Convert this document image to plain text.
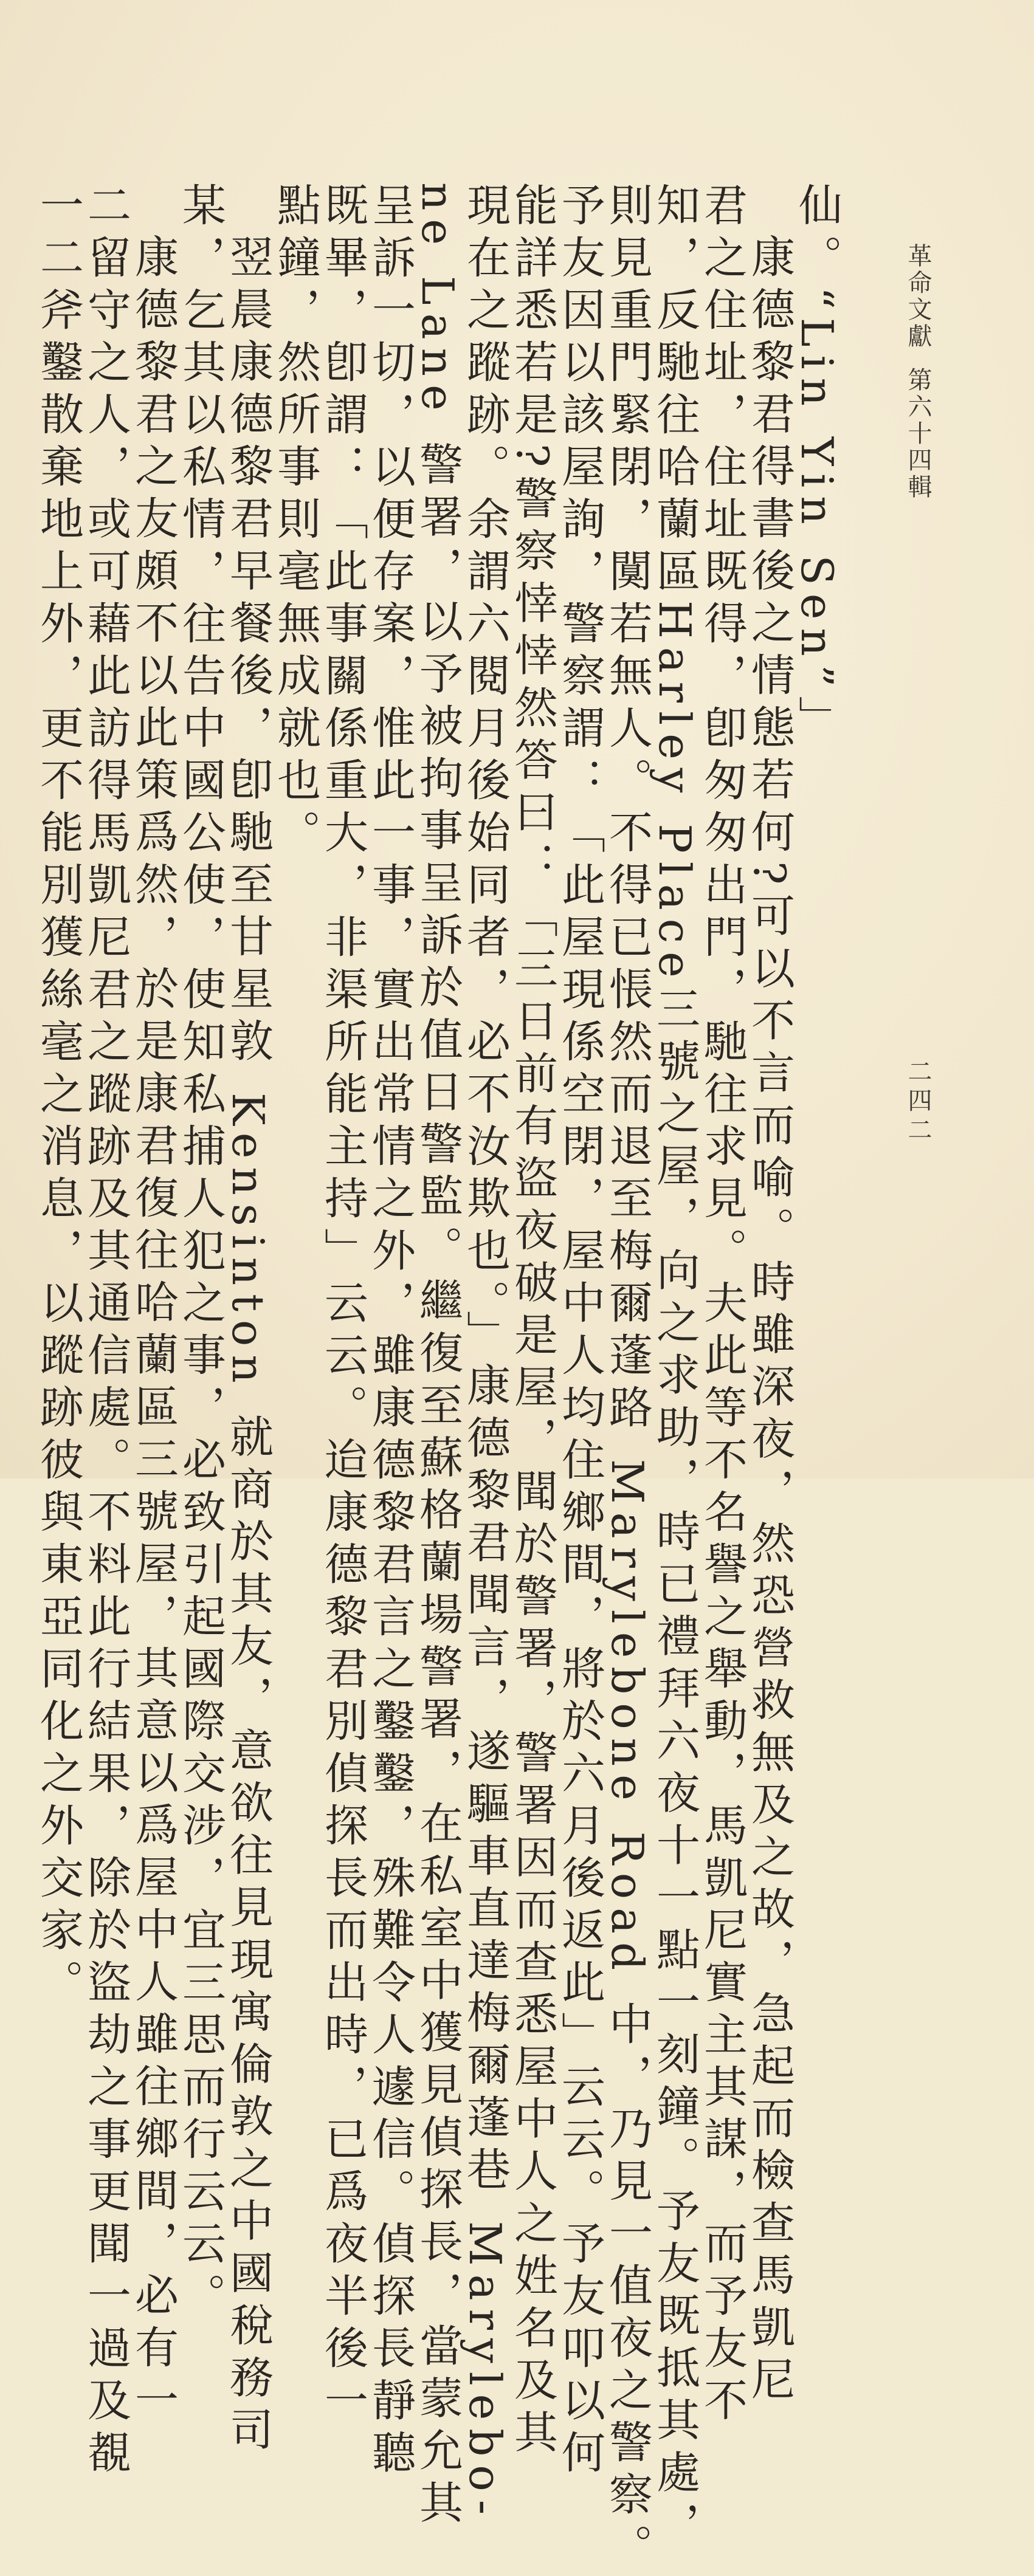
革命文獻第六十四輯
二四二
仙。“Lin Yin Sen”」
康德黎君得書後之情態若何?可以不言而喻。時雖深夜，然恐營救無及之故，急起而檢查馬凱尼
君之住址，住址既得，卽匆匆出門，馳往求見。夫此等不名譽之舉動，馬凱尼實主其謀，而予友不
知，反馳往哈蘭區Harley Place三號之屋，向之求助，時已禮拜六夜十一點一刻鐘。予友既抵其處，
則見重門緊閉，闃若無人。不得已悵然而退至梅爾蓬路 Marylebone Road 中，乃見一值夜之警察。
予友因以該屋詢，警察謂：「此屋現係空閉，屋中人均住鄉間，將於六月後返此」云云。予友叩以何
能詳悉若是?警察悻悻然答曰：「三日前有盜夜破是屋，聞於警署，警署因而查悉屋中人之姓名及其
現在之蹤跡。余謂六閱月後始同者，必不汝欺也。」康德黎君聞言，遂驅車直達梅爾蓬巷 Marylebo-
ne Lane 警署，以予被拘事呈訴於值日警監。繼復至蘇格蘭場警署，在私室中獲見偵探長，當蒙允其
呈訴一切，以便存案，惟此一事，實出常情之外，雖康德黎君言之鑿鑿，殊難令人遽信。偵探長靜聽
既畢，卽謂：「此事關係重大，非渠所能主持」云云。迨康德黎君別偵探長而出時，已爲夜半後一
點鐘，然所事則毫無成就也。
翌晨康德黎君早餐後，卽馳至甘星敦 Kensinton 就商於其友，意欲往見現寓倫敦之中國稅務司
某，乞其以私情，往告中國公使，使知私捕人犯之事，必致引起國際交涉，宜三思而行云云。
康德黎君之友頗不以此策爲然，於是康君復往哈蘭區三號屋，其意以爲屋中人雖往鄉間，必有一
二留守之人，或可藉此訪得馬凱尼君之蹤跡及其通信處。不料此行結果，除於盜劫之事更聞一過及覩
一二斧鑿散棄地上外，更不能別獲絲毫之消息，以蹤跡彼與東亞同化之外交家。
